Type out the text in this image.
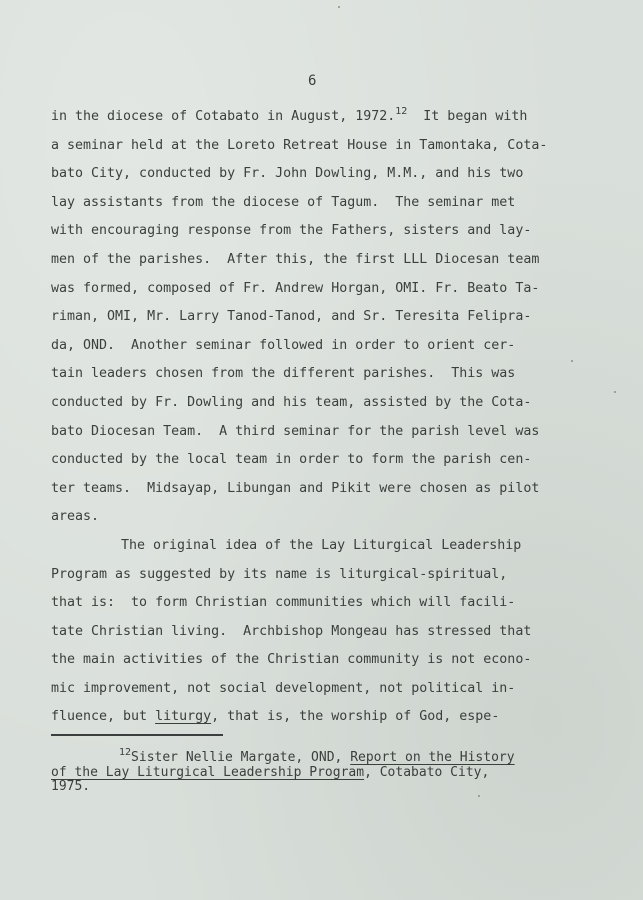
6
in the diocese of Cotabato in August, 1972.12  It began with
a seminar held at the Loreto Retreat House in Tamontaka, Cota-
bato City, conducted by Fr. John Dowling, M.M., and his two
lay assistants from the diocese of Tagum.  The seminar met
with encouraging response from the Fathers, sisters and lay-
men of the parishes.  After this, the first LLL Diocesan team
was formed, composed of Fr. Andrew Horgan, OMI. Fr. Beato Ta-
riman, OMI, Mr. Larry Tanod-Tanod, and Sr. Teresita Felipra-
da, OND.  Another seminar followed in order to orient cer-
tain leaders chosen from the different parishes.  This was
conducted by Fr. Dowling and his team, assisted by the Cota-
bato Diocesan Team.  A third seminar for the parish level was
conducted by the local team in order to form the parish cen-
ter teams.  Midsayap, Libungan and Pikit were chosen as pilot
areas.
The original idea of the Lay Liturgical Leadership
Program as suggested by its name is liturgical-spiritual,
that is:  to form Christian communities which will facili-
tate Christian living.  Archbishop Mongeau has stressed that
the main activities of the Christian community is not econo-
mic improvement, not social development, not political in-
fluence, but liturgy, that is, the worship of God, espe-
$^{12}$Sister Nellie Margate, OND, Report on the History
of the Lay Liturgical Leadership Program, Cotabato City,
1975.
